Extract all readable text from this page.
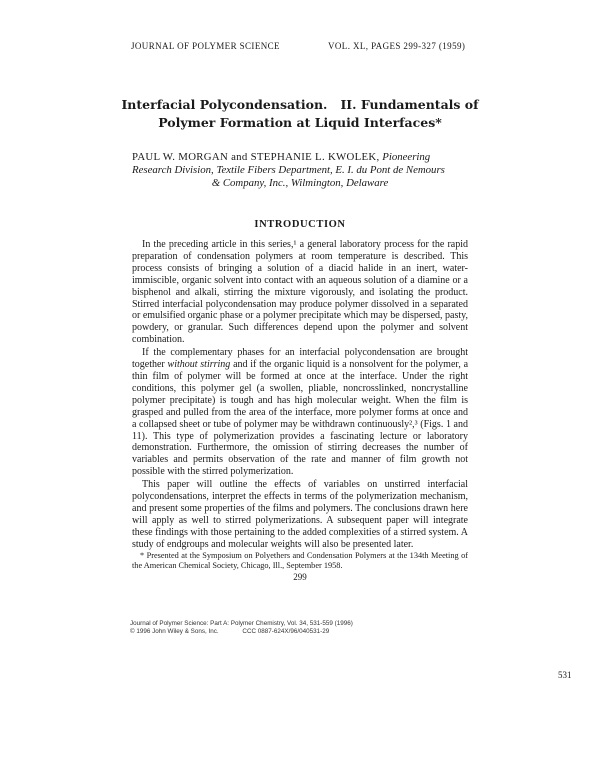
JOURNAL OF POLYMER SCIENCE	VOL. XL, PAGES 299-327 (1959)
Interfacial Polycondensation.   II. Fundamentals of
Polymer Formation at Liquid Interfaces*
PAUL W. MORGAN and STEPHANIE L. KWOLEK, Pioneering Research Division, Textile Fibers Department, E. I. du Pont de Nemours
& Company, Inc., Wilmington, Delaware
INTRODUCTION

In the preceding article in this series,¹ a general laboratory process for the rapid preparation of condensation polymers at room temperature is described. This process consists of bringing a solution of a diacid halide in an inert, water-immiscible, organic solvent into contact with an aqueous solution of a diamine or a bisphenol and alkali, stirring the mixture vigorously, and isolating the product. Stirred interfacial polycondensation may produce polymer dissolved in a separated or emulsified organic phase or a polymer precipitate which may be dispersed, pasty, powdery, or granular. Such differences depend upon the polymer and solvent combination.

If the complementary phases for an interfacial polycondensation are brought together without stirring and if the organic liquid is a nonsolvent for the polymer, a thin film of polymer will be formed at once at the interface. Under the right conditions, this polymer gel (a swollen, pliable, noncrosslinked, noncrystalline polymer precipitate) is tough and has high molecular weight. When the film is grasped and pulled from the area of the interface, more polymer forms at once and a collapsed sheet or tube of polymer may be withdrawn continuously²,³ (Figs. 1 and 11). This type of polymerization provides a fascinating lecture or laboratory demonstration. Furthermore, the omission of stirring decreases the number of variables and permits observation of the rate and manner of film growth not possible with the stirred polymerization.

This paper will outline the effects of variables on unstirred interfacial polycondensations, interpret the effects in terms of the polymerization mechanism, and present some properties of the films and polymers. The conclusions drawn here will apply as well to stirred polymerizations. A subsequent paper will integrate these findings with those pertaining to the added complexities of a stirred system. A study of endgroups and molecular weights will also be presented later.

* Presented at the Symposium on Polyethers and Condensation Polymers at the 134th Meeting of the American Chemical Society, Chicago, Ill., September 1958.
299
Journal of Polymer Science: Part A: Polymer Chemistry, Vol. 34, 531-559 (1996)
© 1996 John Wiley & Sons, Inc.	CCC 0887-624X/96/040531-29
531
